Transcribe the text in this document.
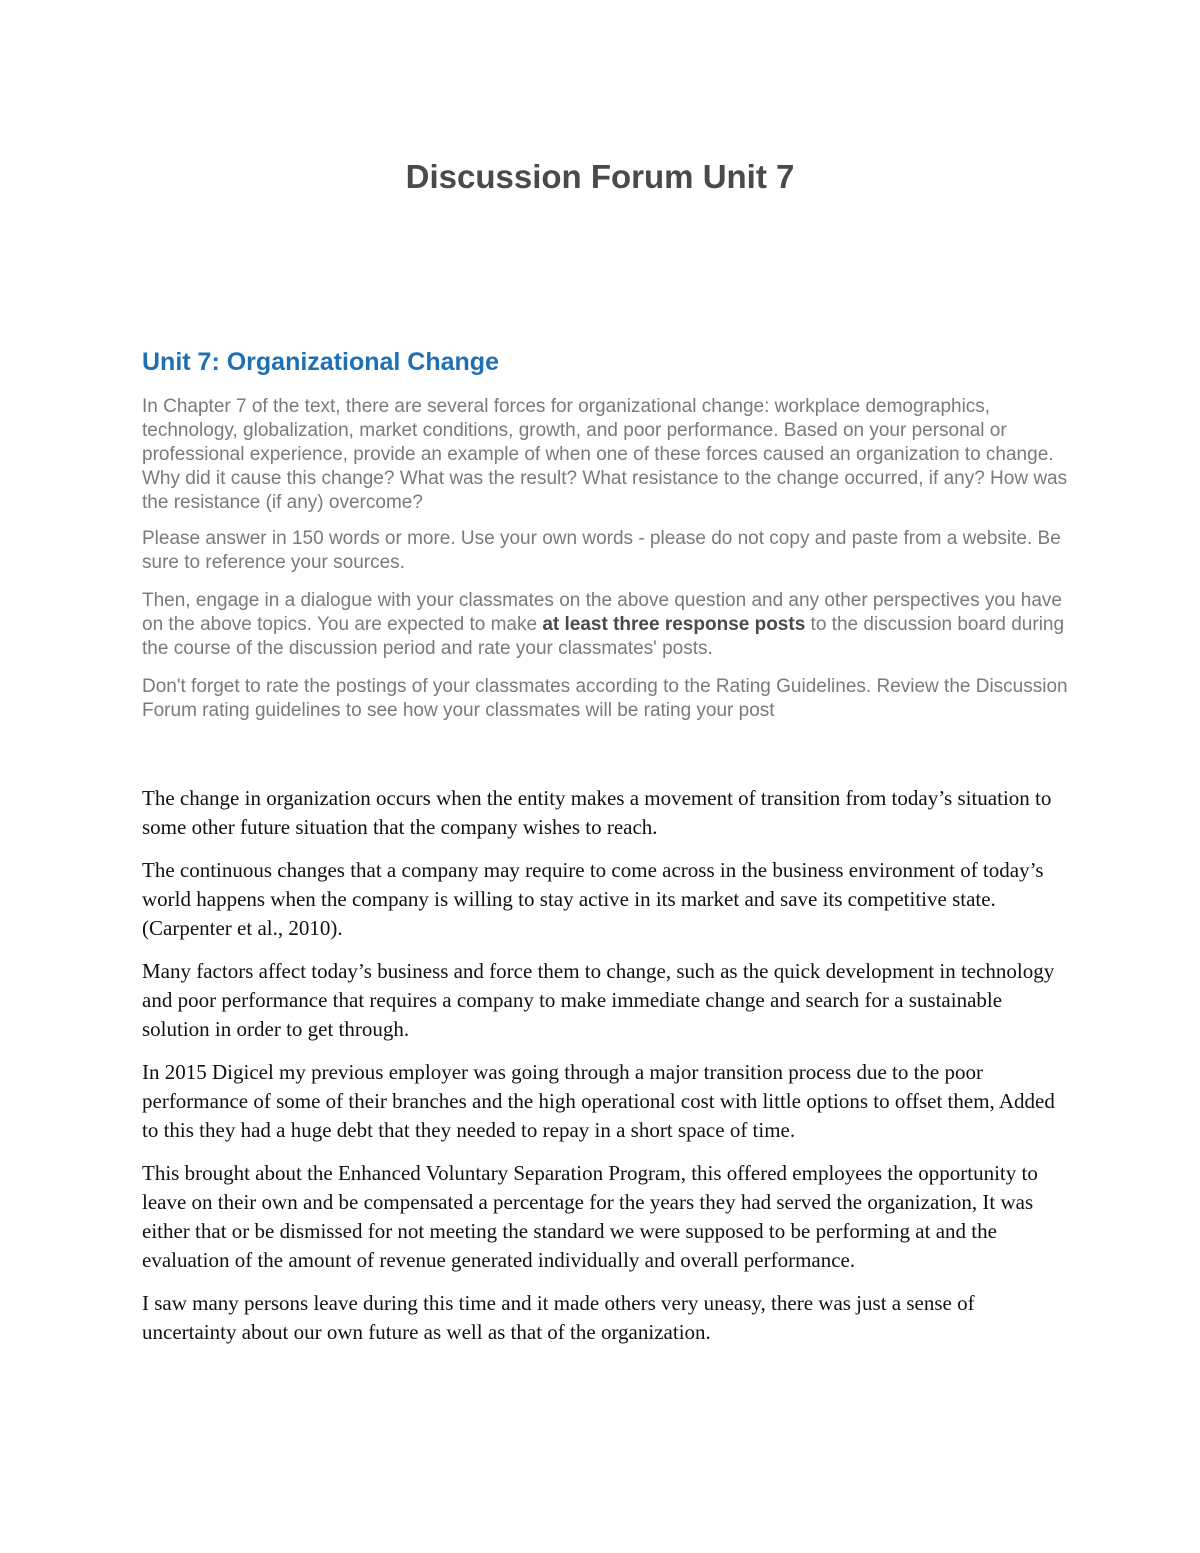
Discussion Forum Unit 7
Unit 7: Organizational Change

In Chapter 7 of the text, there are several forces for organizational change: workplace demographics, technology, globalization, market conditions, growth, and poor performance. Based on your personal or professional experience, provide an example of when one of these forces caused an organization to change. Why did it cause this change? What was the result? What resistance to the change occurred, if any? How was the resistance (if any) overcome?

Please answer in 150 words or more. Use your own words - please do not copy and paste from a website. Be sure to reference your sources.

Then, engage in a dialogue with your classmates on the above question and any other perspectives you have on the above topics. You are expected to make at least three response posts to the discussion board during the course of the discussion period and rate your classmates' posts.

Don't forget to rate the postings of your classmates according to the Rating Guidelines. Review the Discussion Forum rating guidelines to see how your classmates will be rating your post

The change in organization occurs when the entity makes a movement of transition from today’s situation to some other future situation that the company wishes to reach.

The continuous changes that a company may require to come across in the business environment of today’s world happens when the company is willing to stay active in its market and save its competitive state. (Carpenter et al., 2010).

Many factors affect today’s business and force them to change, such as the quick development in technology and poor performance that requires a company to make immediate change and search for a sustainable solution in order to get through.

In 2015 Digicel my previous employer was going through a major transition process due to the poor performance of some of their branches and the high operational cost with little options to offset them, Added to this they had a huge debt that they needed to repay in a short space of time.

This brought about the Enhanced Voluntary Separation Program, this offered employees the opportunity to leave on their own and be compensated a percentage for the years they had served the organization, It was either that or be dismissed for not meeting the standard we were supposed to be performing at and the evaluation of the amount of revenue generated individually and overall performance.

I saw many persons leave during this time and it made others very uneasy, there was just a sense of uncertainty about our own future as well as that of the organization.
